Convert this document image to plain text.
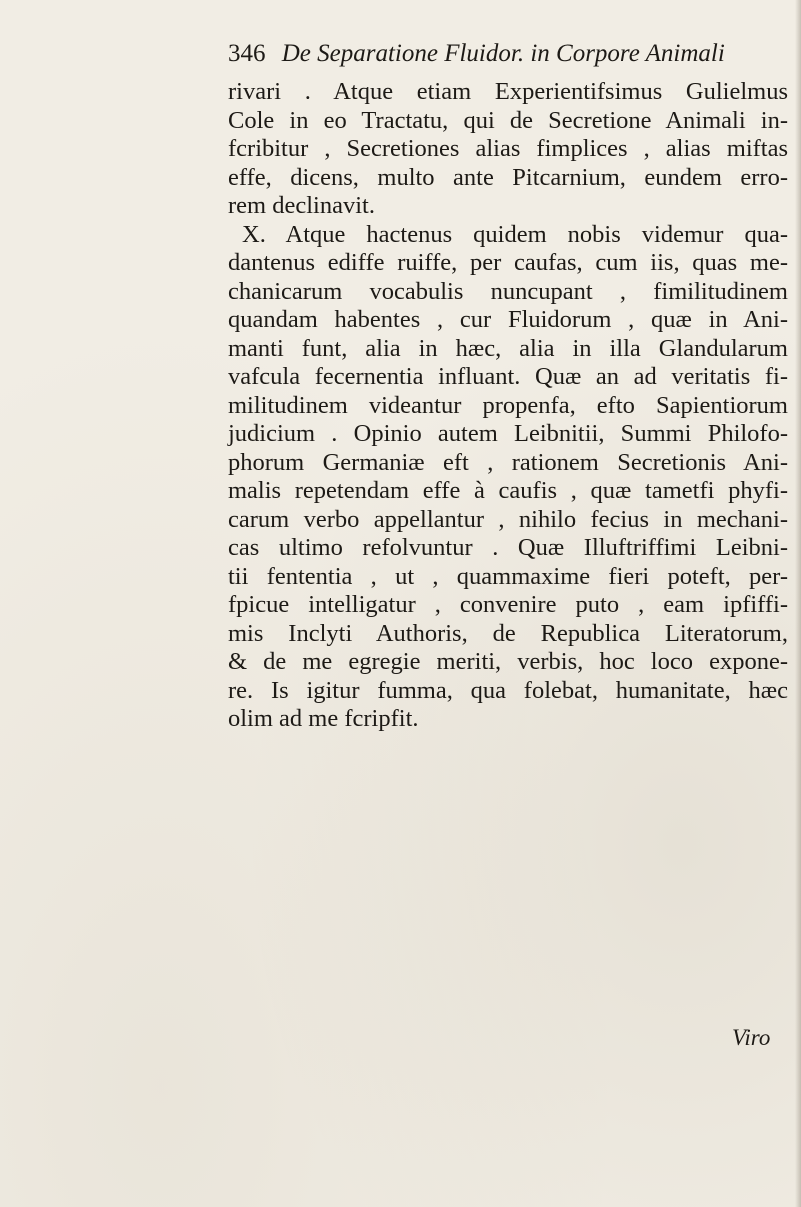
346 De Separatione Fluidor. in Corpore Animali
rivari . Atque etiam Experientifsimus Gulielmus
Cole in eo Tractatu, qui de Secretione Animali in-
fcribitur , Secretiones alias fimplices , alias miftas
effe, dicens, multo ante Pitcarnium, eundem erro-
rem declinavit.
X. Atque hactenus quidem nobis videmur qua-
dantenus ediffe ruiffe, per caufas, cum iis, quas me-
chanicarum vocabulis nuncupant , fimilitudinem
quandam habentes , cur Fluidorum , quæ in Ani-
manti funt, alia in hæc, alia in illa Glandularum
vafcula fecernentia influant. Quæ an ad veritatis fi-
militudinem videantur propenfa, efto Sapientiorum
judicium . Opinio autem Leibnitii, Summi Philofo-
phorum Germaniæ eft , rationem Secretionis Ani-
malis repetendam effe à caufis , quæ tametfi phyfi-
carum verbo appellantur , nihilo fecius in mechani-
cas ultimo refolvuntur . Quæ Illuftriffimi Leibni-
tii fententia , ut , quammaxime fieri poteft, per-
fpicue intelligatur , convenire puto , eam ipfiffi-
mis Inclyti Authoris, de Republica Literatorum,
& de me egregie meriti, verbis, hoc loco expone-
re. Is igitur fumma, qua folebat, humanitate, hæc
olim ad me fcripfit.
Viro
